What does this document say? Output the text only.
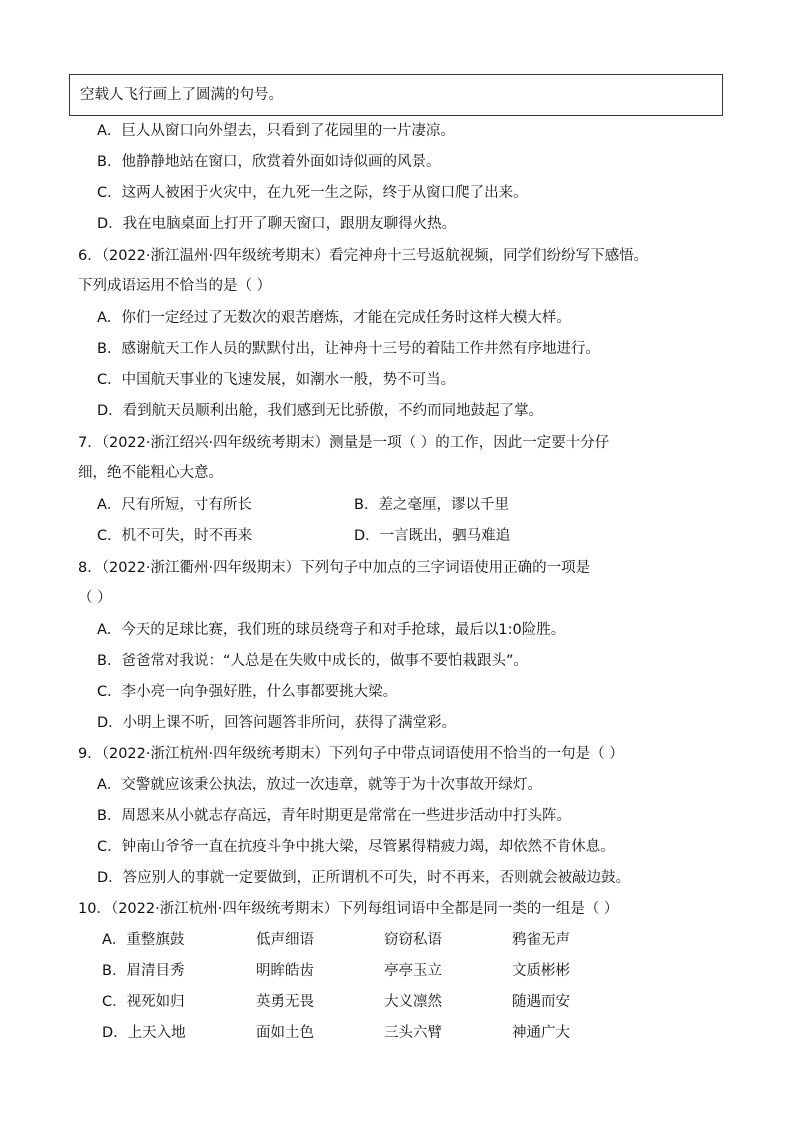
空载人飞行画上了圆满的句号。
A．巨人从窗口向外望去，只看到了花园里的一片凄凉。
B．他静静地站在窗口，欣赏着外面如诗似画的风景。
C．这两人被困于火灾中，在九死一生之际，终于从窗口爬了出来。
D．我在电脑桌面上打开了聊天窗口，跟朋友聊得火热。
6．（2022·浙江温州·四年级统考期末）看完神舟十三号返航视频，同学们纷纷写下感悟。
下列成语运用不恰当的是（ ）
A．你们一定经过了无数次的艰苦磨炼，才能在完成任务时这样大模大样。
B．感谢航天工作人员的默默付出，让神舟十三号的着陆工作井然有序地进行。
C．中国航天事业的飞速发展，如潮水一般，势不可当。
D．看到航天员顺利出舱，我们感到无比骄傲，不约而同地鼓起了掌。
7．（2022·浙江绍兴·四年级统考期末）测量是一项（ ）的工作，因此一定要十分仔
细，绝不能粗心大意。
A．尺有所短，寸有所长	B．差之毫厘，谬以千里
C．机不可失，时不再来	D．一言既出，驷马难追
8．（2022·浙江衢州·四年级期末）下列句子中加点的三字词语使用正确的一项是
（ ）
A．今天的足球比赛，我们班的球员绕弯子和对手抢球，最后以1:0险胜。
B．爸爸常对我说：“人总是在失败中成长的，做事不要怕栽跟头”。
C．李小亮一向争强好胜，什么事都要挑大梁。
D．小明上课不听，回答问题答非所问，获得了满堂彩。
9．（2022·浙江杭州·四年级统考期末）下列句子中带点词语使用不恰当的一句是（ ）
A．交警就应该秉公执法，放过一次违章，就等于为十次事故开绿灯。
B．周恩来从小就志存高远，青年时期更是常常在一些进步活动中打头阵。
C．钟南山爷爷一直在抗疫斗争中挑大梁，尽管累得精疲力竭，却依然不肯休息。
D．答应别人的事就一定要做到，正所谓机不可失，时不再来，否则就会被敲边鼓。
10．（2022·浙江杭州·四年级统考期末）下列每组词语中全都是同一类的一组是（ ）
A．重整旗鼓	低声细语	窃窃私语	鸦雀无声
B．眉清目秀	明眸皓齿	亭亭玉立	文质彬彬
C．视死如归	英勇无畏	大义凛然	随遇而安
D．上天入地	面如土色	三头六臂	神通广大
